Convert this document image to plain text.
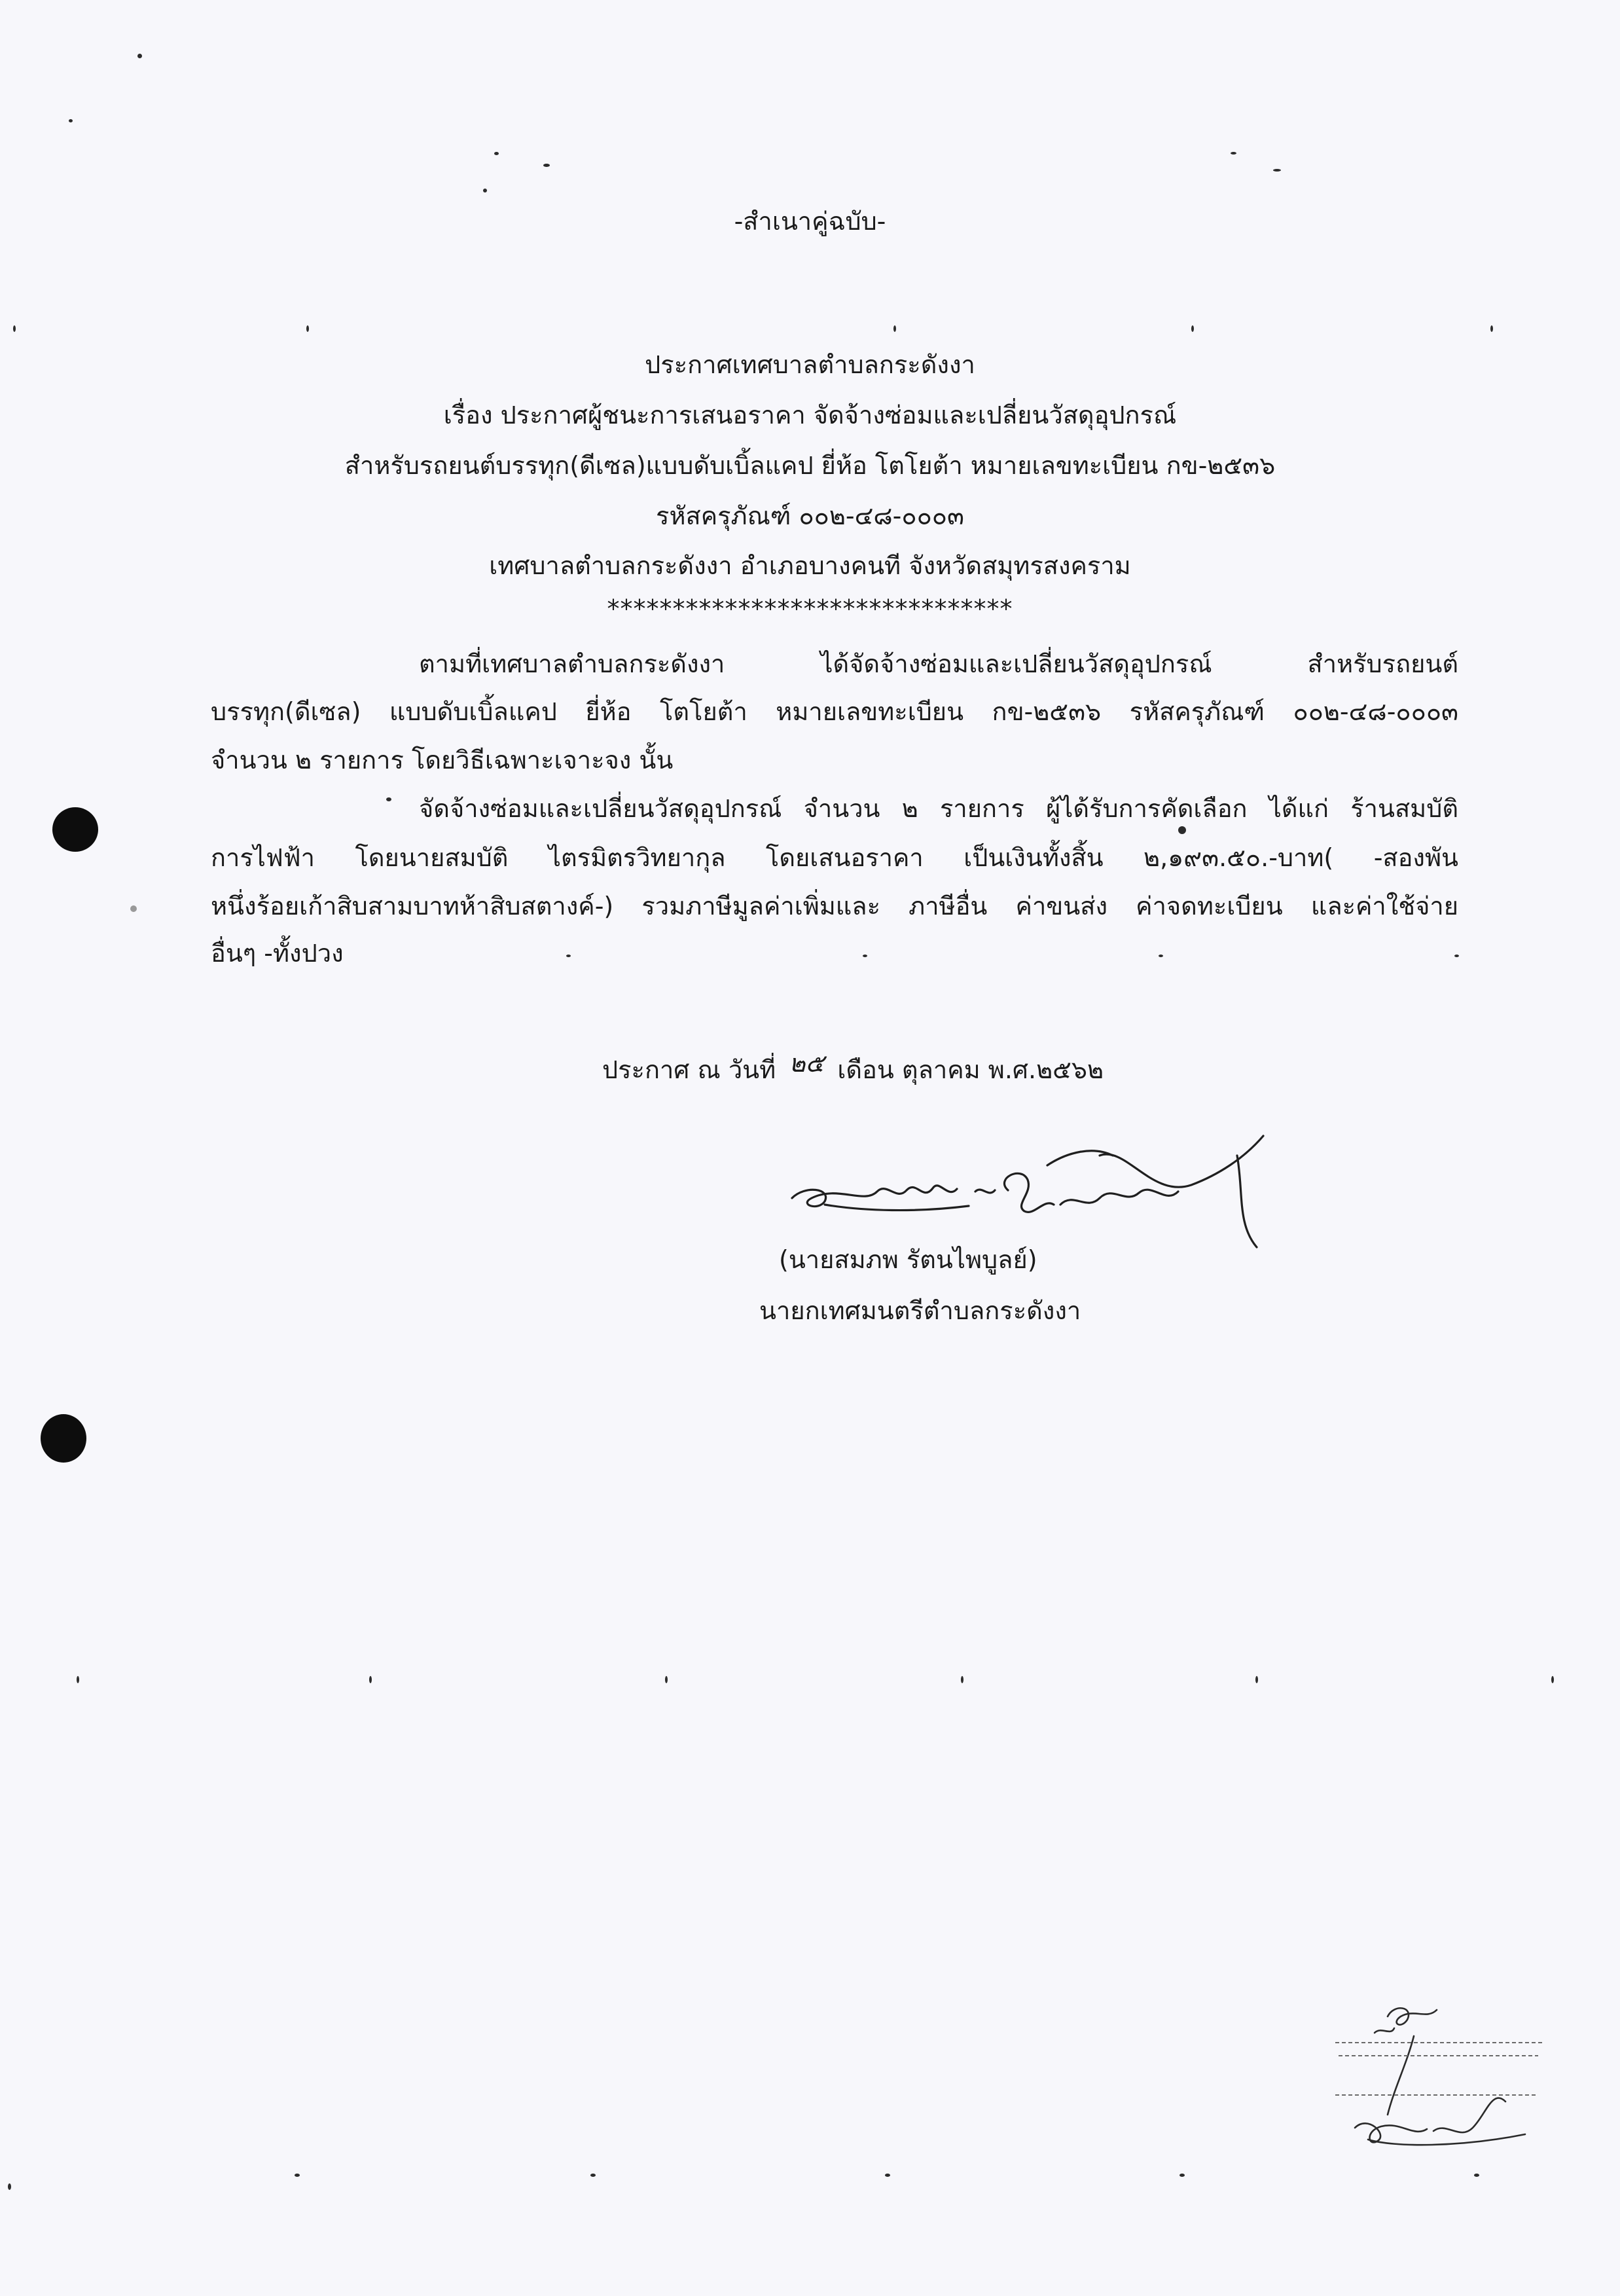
-สำเนาคู่ฉบับ-
ประกาศเทศบาลตำบลกระดังงา
เรื่อง ประกาศผู้ชนะการเสนอราคา จัดจ้างซ่อมและเปลี่ยนวัสดุอุปกรณ์
สำหรับรถยนต์บรรทุก(ดีเซล)แบบดับเบิ้ลแคป ยี่ห้อ โตโยต้า หมายเลขทะเบียน กข-๒๕๓๖
รหัสครุภัณฑ์ ๐๐๒-๔๘-๐๐๐๓
เทศบาลตำบลกระดังงา อำเภอบางคนที จังหวัดสมุทรสงคราม
*******************************
ตามที่เทศบาลตำบลกระดังงา ได้จัดจ้างซ่อมและเปลี่ยนวัสดุอุปกรณ์ สำหรับรถยนต์
บรรทุก(ดีเซล) แบบดับเบิ้ลแคป ยี่ห้อ โตโยต้า หมายเลขทะเบียน กข-๒๕๓๖ รหัสครุภัณฑ์ ๐๐๒-๔๘-๐๐๐๓
จำนวน ๒ รายการ โดยวิธีเฉพาะเจาะจง นั้น
จัดจ้างซ่อมและเปลี่ยนวัสดุอุปกรณ์ จำนวน ๒ รายการ ผู้ได้รับการคัดเลือก ได้แก่ ร้านสมบัติ
การไฟฟ้า โดยนายสมบัติ ไตรมิตรวิทยากุล โดยเสนอราคา เป็นเงินทั้งสิ้น ๒,๑๙๓.๕๐.-บาท( -สองพัน
หนึ่งร้อยเก้าสิบสามบาทห้าสิบสตางค์-) รวมภาษีมูลค่าเพิ่มและ ภาษีอื่น ค่าขนส่ง ค่าจดทะเบียน และค่าใช้จ่าย
อื่นๆ -ทั้งปวง
ประกาศ ณ วันที่ ๒๕ เดือน ตุลาคม พ.ศ.๒๕๖๒
(นายสมภพ รัตนไพบูลย์)
นายกเทศมนตรีตำบลกระดังงา
